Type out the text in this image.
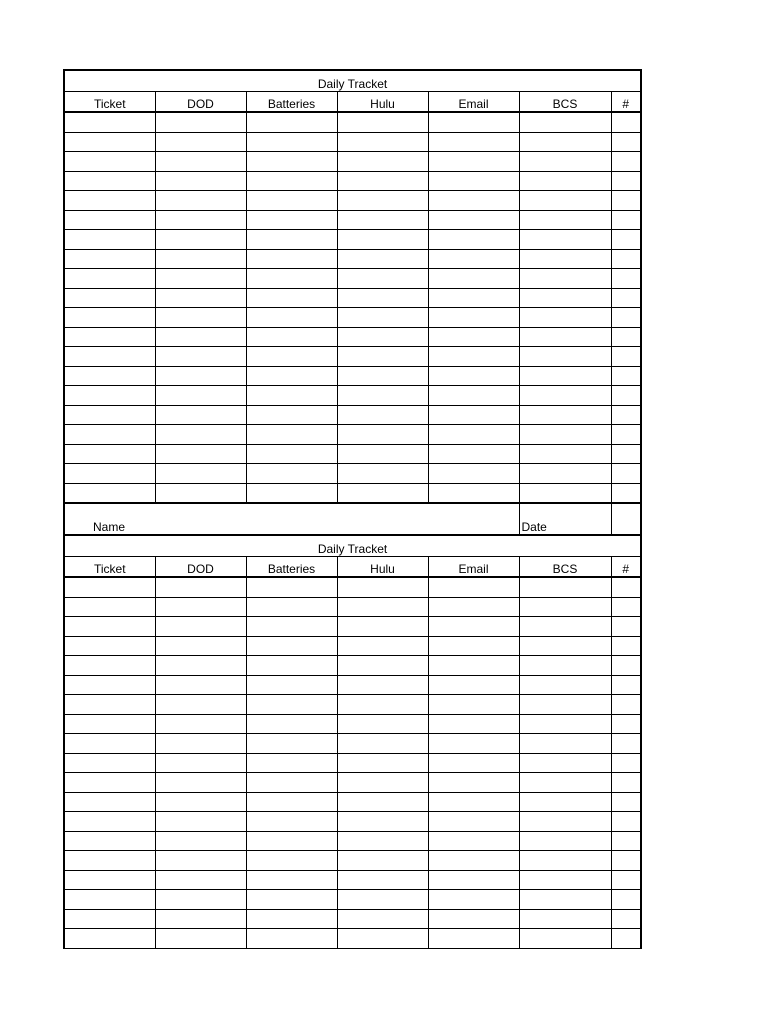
Daily Tracket						
Ticket	DOD	Batteries	Hulu	Email	BCS	#

Name					Date	
Daily Tracket						
Ticket	DOD	Batteries	Hulu	Email	BCS	#
